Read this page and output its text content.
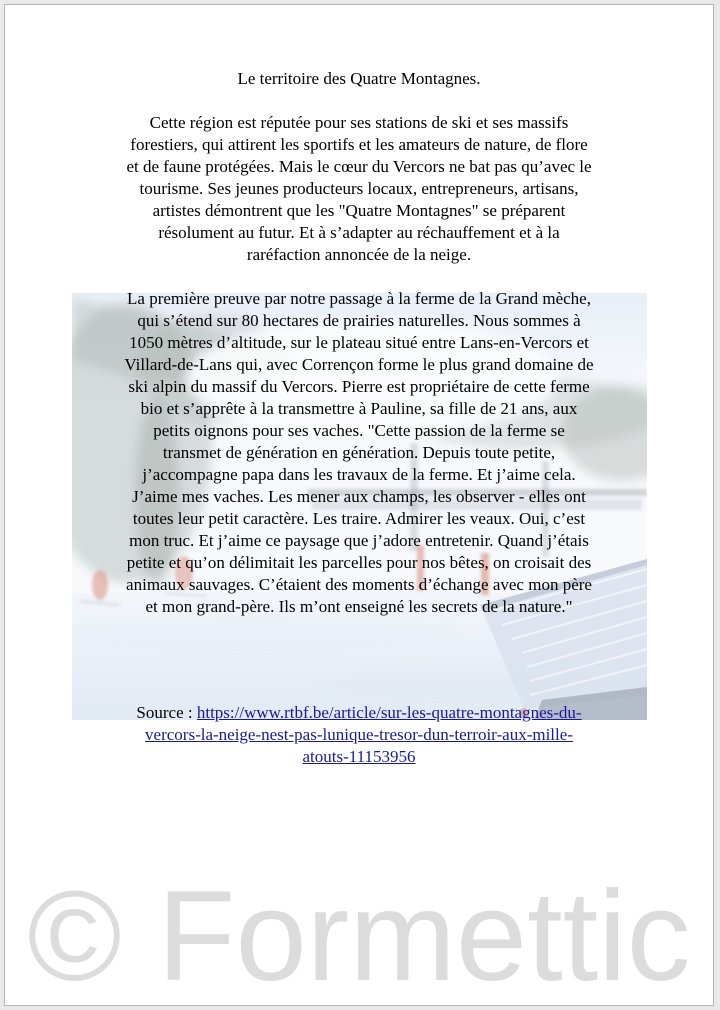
Le territoire des Quatre Montagnes.

Cette région est réputée pour ses stations de ski et ses massifs forestiers, qui attirent les sportifs et les amateurs de nature, de flore et de faune protégées. Mais le cœur du Vercors ne bat pas qu’avec le tourisme. Ses jeunes producteurs locaux, entrepreneurs, artisans, artistes démontrent que les "Quatre Montagnes" se préparent résolument au futur. Et à s’adapter au réchauffement et à la raréfaction annoncée de la neige.

La première preuve par notre passage à la ferme de la Grand mèche, qui s’étend sur 80 hectares de prairies naturelles. Nous sommes à 1050 mètres d’altitude, sur le plateau situé entre Lans-en-Vercors et Villard-de-Lans qui, avec Corrençon forme le plus grand domaine de ski alpin du massif du Vercors. Pierre est propriétaire de cette ferme bio et s’apprête à la transmettre à Pauline, sa fille de 21 ans, aux petits oignons pour ses vaches. "Cette passion de la ferme se transmet de génération en génération. Depuis toute petite, j’accompagne papa dans les travaux de la ferme. Et j’aime cela. J’aime mes vaches. Les mener aux champs, les observer - elles ont toutes leur petit caractère. Les traire. Admirer les veaux. Oui, c’est mon truc. Et j’aime ce paysage que j’adore entretenir. Quand j’étais petite et qu’on délimitait les parcelles pour nos bêtes, on croisait des animaux sauvages. C’étaient des moments d’échange avec mon père et mon grand-père. Ils m’ont enseigné les secrets de la nature."

Source : https://www.rtbf.be/article/sur-les-quatre-montagnes-du-vercors-la-neige-nest-pas-lunique-tresor-dun-terroir-aux-mille-atouts-11153956

© Formettic
